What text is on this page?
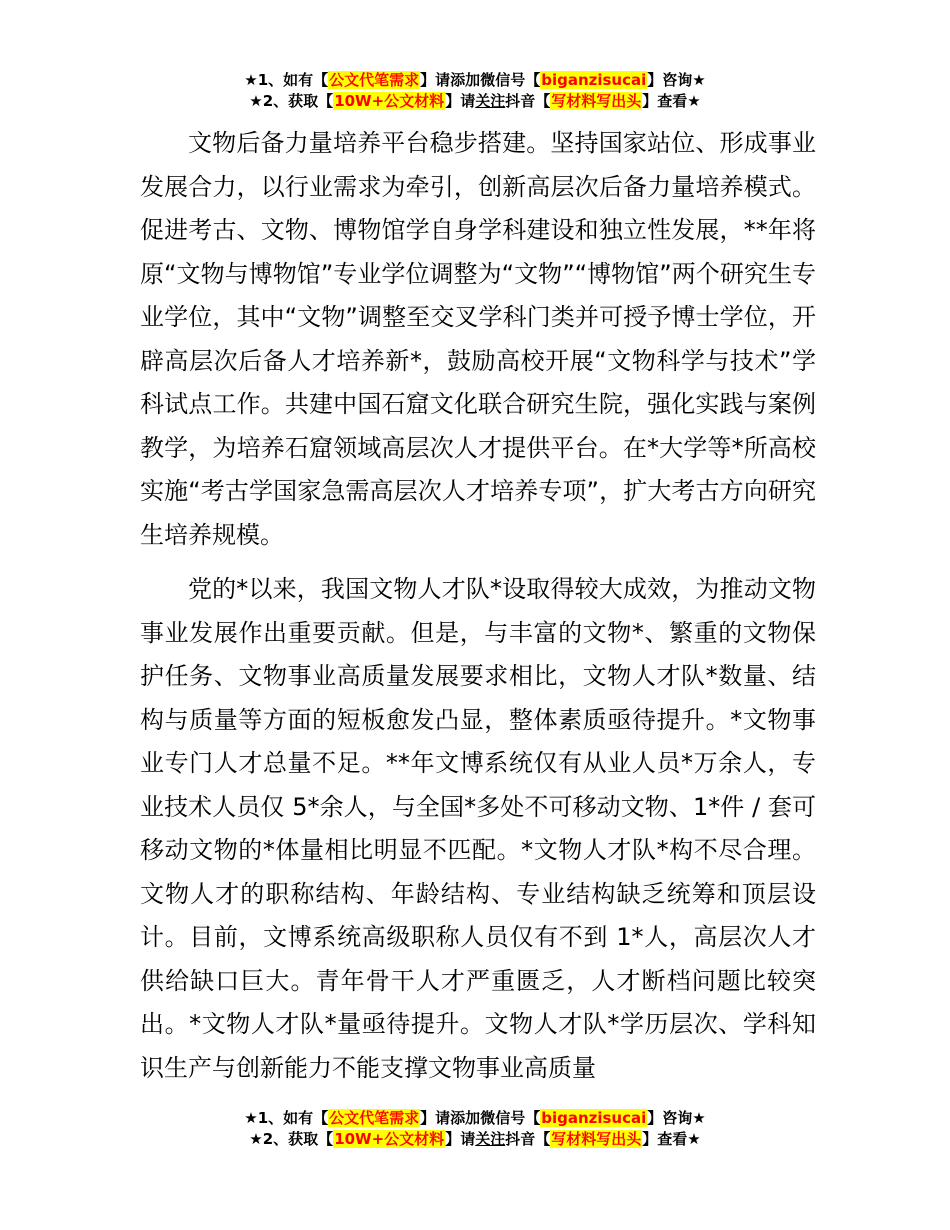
★1、如有【公文代笔需求】请添加微信号【biganzisucai】咨询★
★2、获取【10W+公文材料】请关注抖音【写材料写出头】查看★

文物后备力量培养平台稳步搭建。坚持国家站位、形成事业发展合力，以行业需求为牵引，创新高层次后备力量培养模式。促进考古、文物、博物馆学自身学科建设和独立性发展，**年将原“文物与博物馆”专业学位调整为“文物”“博物馆”两个研究生专业学位，其中“文物”调整至交叉学科门类并可授予博士学位，开辟高层次后备人才培养新*，鼓励高校开展“文物科学与技术”学科试点工作。共建中国石窟文化联合研究生院，强化实践与案例教学，为培养石窟领域高层次人才提供平台。在*大学等*所高校实施“考古学国家急需高层次人才培养专项”，扩大考古方向研究生培养规模。

党的*以来，我国文物人才队*设取得较大成效，为推动文物事业发展作出重要贡献。但是，与丰富的文物*、繁重的文物保护任务、文物事业高质量发展要求相比，文物人才队*数量、结构与质量等方面的短板愈发凸显，整体素质亟待提升。*文物事业专门人才总量不足。**年文博系统仅有从业人员*万余人，专业技术人员仅 5*余人，与全国*多处不可移动文物、1*件 / 套可移动文物的*体量相比明显不匹配。*文物人才队*构不尽合理。文物人才的职称结构、年龄结构、专业结构缺乏统筹和顶层设计。目前，文博系统高级职称人员仅有不到 1*人，高层次人才供给缺口巨大。青年骨干人才严重匮乏，人才断档问题比较突出。*文物人才队*量亟待提升。文物人才队*学历层次、学科知识生产与创新能力不能支撑文物事业高质量

★1、如有【公文代笔需求】请添加微信号【biganzisucai】咨询★
★2、获取【10W+公文材料】请关注抖音【写材料写出头】查看★
